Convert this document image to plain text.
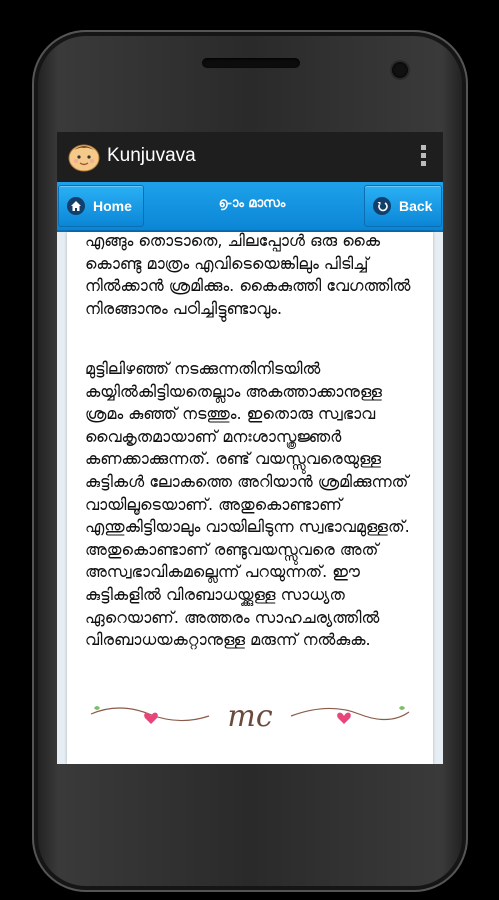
Kunjuvava
Home	൭-ാം മാസം	Back

എങ്ങും തൊടാതെ, ചിലപ്പോൾ ഒരു കൈ കൊണ്ടു മാത്രം എവിടെയെങ്കിലും പിടിച്ച് നിൽക്കാൻ ശ്രമിക്കും. കൈകുത്തി വേഗത്തിൽ നിരങ്ങാനും പഠിച്ചിട്ടുണ്ടാവും.

മുട്ടിലിഴഞ്ഞ് നടക്കുന്നതിനിടയിൽ കയ്യിൽകിട്ടിയതെല്ലാം അകത്താക്കാനുള്ള ശ്രമം കുഞ്ഞ് നടത്തും. ഇതൊരു സ്വഭാവ വൈകൃതമായാണ് മനഃശാസ്ത്രജ്ഞർ കണക്കാക്കുന്നത്. രണ്ട് വയസ്സുവരെയുള്ള കുട്ടികൾ ലോകത്തെ അറിയാൻ ശ്രമിക്കുന്നത് വായിലൂടെയാണ്. അതുകൊണ്ടാണ് എന്തുകിട്ടിയാലും വായിലിടുന്ന സ്വഭാവമുള്ളത്. അതുകൊണ്ടാണ് രണ്ടുവയസ്സുവരെ അത് അസ്വഭാവികമല്ലെന്ന് പറയുന്നത്. ഈ കുട്ടികളിൽ വിരബാധയ്ക്കുള്ള സാധ്യത ഏറെയാണ്. അത്തരം സാഹചര്യത്തിൽ വിരബാധയകറ്റാനുള്ള മരുന്ന് നൽകുക.

mc
